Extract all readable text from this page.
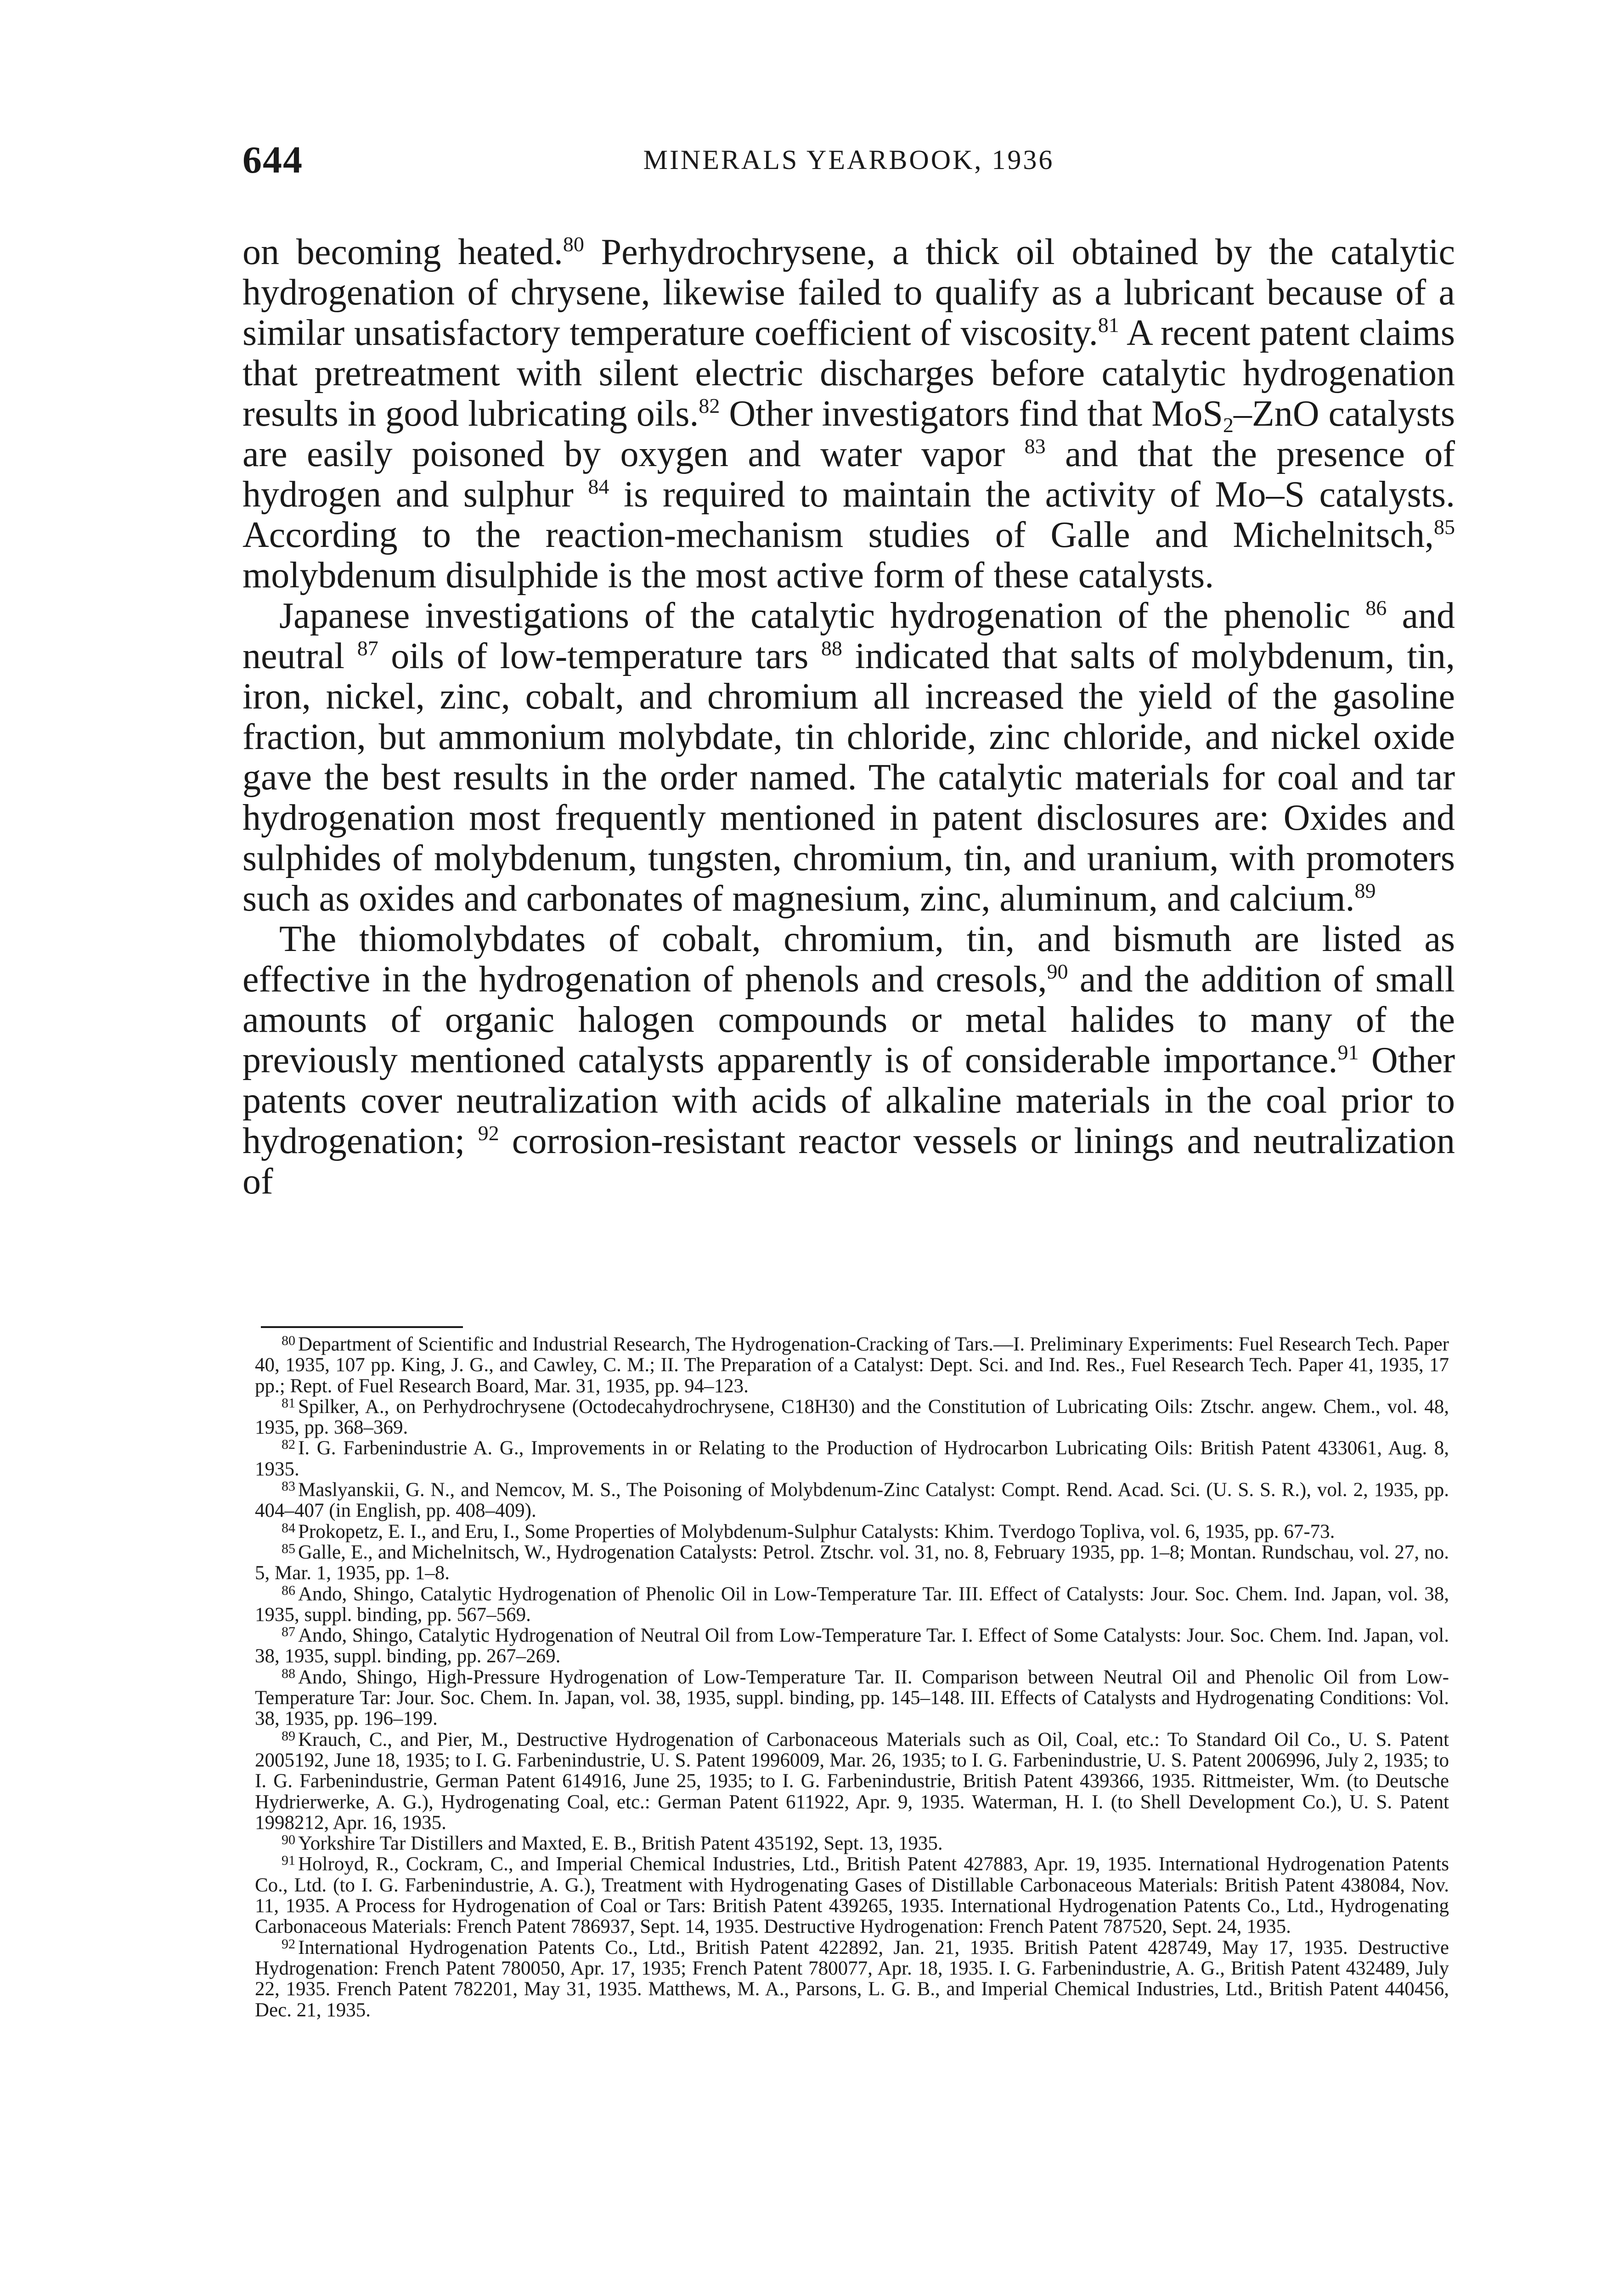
644	MINERALS YEARBOOK, 1936

on becoming heated.$^{80}$ Perhydrochrysene, a thick oil obtained by the catalytic hydrogenation of chrysene, likewise failed to qualify as a lubricant because of a similar unsatisfactory temperature coefficient of viscosity.$^{81}$ A recent patent claims that pretreatment with silent electric discharges before catalytic hydrogenation results in good lubricating oils.$^{82}$ Other investigators find that MoS$_2$–ZnO catalysts are easily poisoned by oxygen and water vapor $^{83}$ and that the presence of hydrogen and sulphur $^{84}$ is required to maintain the activity of Mo–S catalysts. According to the reaction-mechanism studies of Galle and Michelnitsch,$^{85}$ molybdenum disulphide is the most active form of these catalysts.

Japanese investigations of the catalytic hydrogenation of the phenolic $^{86}$ and neutral $^{87}$ oils of low-temperature tars $^{88}$ indicated that salts of molybdenum, tin, iron, nickel, zinc, cobalt, and chromium all increased the yield of the gasoline fraction, but ammonium molybdate, tin chloride, zinc chloride, and nickel oxide gave the best results in the order named. The catalytic materials for coal and tar hydrogenation most frequently mentioned in patent disclosures are: Oxides and sulphides of molybdenum, tungsten, chromium, tin, and uranium, with promoters such as oxides and carbonates of magnesium, zinc, aluminum, and calcium.$^{89}$

The thiomolybdates of cobalt, chromium, tin, and bismuth are listed as effective in the hydrogenation of phenols and cresols,$^{90}$ and the addition of small amounts of organic halogen compounds or metal halides to many of the previously mentioned catalysts apparently is of considerable importance.$^{91}$ Other patents cover neutralization with acids of alkaline materials in the coal prior to hydrogenation; $^{92}$ corrosion-resistant reactor vessels or linings and neutralization of

$^{80}$ Department of Scientific and Industrial Research, The Hydrogenation-Cracking of Tars.—I. Preliminary Experiments: Fuel Research Tech. Paper 40, 1935, 107 pp. King, J. G., and Cawley, C. M.; II. The Preparation of a Catalyst: Dept. Sci. and Ind. Res., Fuel Research Tech. Paper 41, 1935, 17 pp.; Rept. of Fuel Research Board, Mar. 31, 1935, pp. 94–123.

$^{81}$ Spilker, A., on Perhydrochrysene (Octodecahydrochrysene, C18H30) and the Constitution of Lubricating Oils: Ztschr. angew. Chem., vol. 48, 1935, pp. 368–369.

$^{82}$ I. G. Farbenindustrie A. G., Improvements in or Relating to the Production of Hydrocarbon Lubricating Oils: British Patent 433061, Aug. 8, 1935.

$^{83}$ Maslyanskii, G. N., and Nemcov, M. S., The Poisoning of Molybdenum-Zinc Catalyst: Compt. Rend. Acad. Sci. (U. S. S. R.), vol. 2, 1935, pp. 404–407 (in English, pp. 408–409).

$^{84}$ Prokopetz, E. I., and Eru, I., Some Properties of Molybdenum-Sulphur Catalysts: Khim. Tverdogo Topliva, vol. 6, 1935, pp. 67-73.

$^{85}$ Galle, E., and Michelnitsch, W., Hydrogenation Catalysts: Petrol. Ztschr. vol. 31, no. 8, February 1935, pp. 1–8; Montan. Rundschau, vol. 27, no. 5, Mar. 1, 1935, pp. 1–8.

$^{86}$ Ando, Shingo, Catalytic Hydrogenation of Phenolic Oil in Low-Temperature Tar. III. Effect of Catalysts: Jour. Soc. Chem. Ind. Japan, vol. 38, 1935, suppl. binding, pp. 567–569.

$^{87}$ Ando, Shingo, Catalytic Hydrogenation of Neutral Oil from Low-Temperature Tar. I. Effect of Some Catalysts: Jour. Soc. Chem. Ind. Japan, vol. 38, 1935, suppl. binding, pp. 267–269.

$^{88}$ Ando, Shingo, High-Pressure Hydrogenation of Low-Temperature Tar. II. Comparison between Neutral Oil and Phenolic Oil from Low-Temperature Tar: Jour. Soc. Chem. In. Japan, vol. 38, 1935, suppl. binding, pp. 145–148. III. Effects of Catalysts and Hydrogenating Conditions: Vol. 38, 1935, pp. 196–199.

$^{89}$ Krauch, C., and Pier, M., Destructive Hydrogenation of Carbonaceous Materials such as Oil, Coal, etc.: To Standard Oil Co., U. S. Patent 2005192, June 18, 1935; to I. G. Farbenindustrie, U. S. Patent 1996009, Mar. 26, 1935; to I. G. Farbenindustrie, U. S. Patent 2006996, July 2, 1935; to I. G. Farbenindustrie, German Patent 614916, June 25, 1935; to I. G. Farbenindustrie, British Patent 439366, 1935. Rittmeister, Wm. (to Deutsche Hydrierwerke, A. G.), Hydrogenating Coal, etc.: German Patent 611922, Apr. 9, 1935. Waterman, H. I. (to Shell Development Co.), U. S. Patent 1998212, Apr. 16, 1935.

$^{90}$ Yorkshire Tar Distillers and Maxted, E. B., British Patent 435192, Sept. 13, 1935.

$^{91}$ Holroyd, R., Cockram, C., and Imperial Chemical Industries, Ltd., British Patent 427883, Apr. 19, 1935. International Hydrogenation Patents Co., Ltd. (to I. G. Farbenindustrie, A. G.), Treatment with Hydrogenating Gases of Distillable Carbonaceous Materials: British Patent 438084, Nov. 11, 1935. A Process for Hydrogenation of Coal or Tars: British Patent 439265, 1935. International Hydrogenation Patents Co., Ltd., Hydrogenating Carbonaceous Materials: French Patent 786937, Sept. 14, 1935. Destructive Hydrogenation: French Patent 787520, Sept. 24, 1935.

$^{92}$ International Hydrogenation Patents Co., Ltd., British Patent 422892, Jan. 21, 1935. British Patent 428749, May 17, 1935. Destructive Hydrogenation: French Patent 780050, Apr. 17, 1935; French Patent 780077, Apr. 18, 1935. I. G. Farbenindustrie, A. G., British Patent 432489, July 22, 1935. French Patent 782201, May 31, 1935. Matthews, M. A., Parsons, L. G. B., and Imperial Chemical Industries, Ltd., British Patent 440456, Dec. 21, 1935.
